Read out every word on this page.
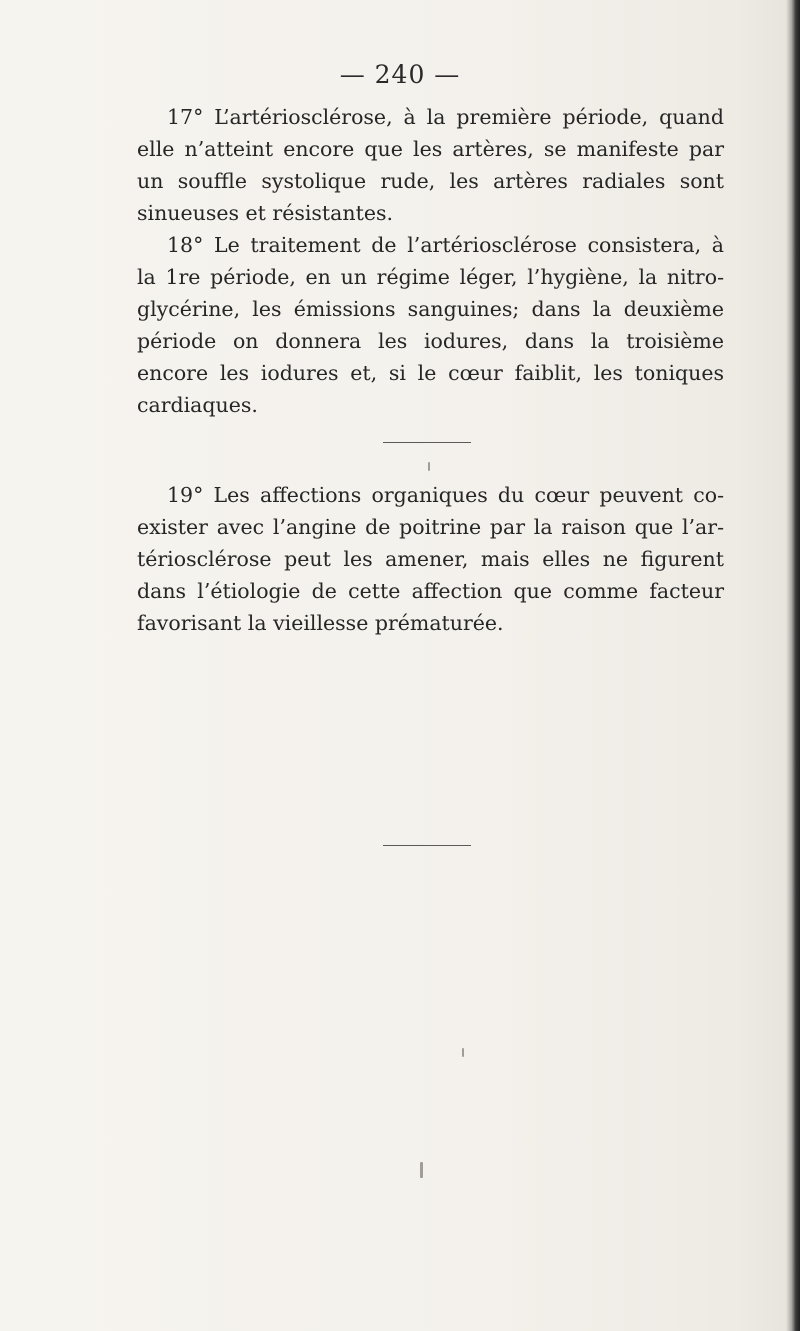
— 240 —

17° L’artériosclérose, à la première période, quand elle n’atteint encore que les artères, se manifeste par un souffle systolique rude, les artères radiales sont sinueuses et résistantes.

18° Le traitement de l’artériosclérose consistera, à la 1re période, en un régime léger, l’hygiène, la nitro-glycérine, les émissions sanguines; dans la deuxième période on donnera les iodures, dans la troisième encore les iodures et, si le cœur faiblit, les toniques cardiaques.

19° Les affections organiques du cœur peuvent co-exister avec l’angine de poitrine par la raison que l’ar-tériosclérose peut les amener, mais elles ne figurent dans l’étiologie de cette affection que comme facteur favorisant la vieillesse prématurée.
